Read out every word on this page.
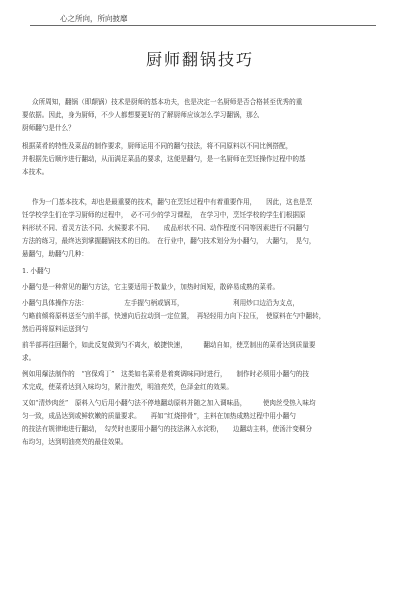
心之所向，所向披靡
厨师翻锅技巧
众所周知，翻锅（即颠锅）技术是厨师的基本功夫，也是决定一名厨师是否合格甚至优秀的重
要依据。因此，身为厨师，不少人都想要更好的了解厨师应该怎么学习翻锅，那么
厨师翻勺是什么？
根据菜肴的特性及菜品的制作要求，厨师运用不同的翻勺技法，将不同原料以不同比例搭配，
并根据先后顺序进行翻动，从而满足菜品的要求，这便是翻勺，是一名厨师在烹饪操作过程中的基
本技术。
作为一门基本技术，却也是最重要的技术，翻勺在烹饪过程中有着重要作用，　　因此，这也是烹
饪学校学生们在学习厨师的过程中，　必不可少的学习课程，　在学习中，烹饪学校的学生们根据原
料形状不同、看灵方法不同、火候要求不同、　　成品形状不同、动作程度不同等因素进行不同翻勺
方法的练习，最终达到掌握翻锅技术的目的。　在行业中，翻勺技术划分为小翻勺，　大翻勺，　晃勺，
悬翻勺，助翻勺几种：
1. 小翻勺
小翻勺是一种常见的翻勺方法，它主要适用于数量少，加热时间短，散碎易成熟的菜肴。
小翻勺具体操作方法：　　　　　　左手握勺柄或锅耳，　　　　　　　　利用炒口边沿为支点，
勺略前倾将原料送至勺前半部，快速向后拉动到一定位置，　再轻轻用力向下拉压，　使原料在勺中翻转，
然后再将原料运送到勺
前半部再往回翻个，如此反复做到勺不离火，敏捷快速，　　　翻动自如，使烹制出的菜肴达到质量要
求。
例如用爆法制作的　“宫保鸡丁”　这类如名菜肴是着爽调味同时进行，　　制作时必须用小翻勺的技
术完成，使菜肴达到入味均匀，紧汁抱芡，明油亮芡，色泽金红的效果。
又如“清炒肉丝”　原料入勺后用小翻勺法不停地翻动原料并随之加入调味品，　　　使肉丝受热入味均
匀一致，成品达到或鲜软嫩的质量要求。　　再如“红烧排骨”，主料在加热成熟过程中用小翻勺
的技法有规律地进行翻动，　勾芡时也要用小翻勺的技法淋入水淀粉，　　边翻动主料，使汤汁变稠分
布均匀，达到明油亮芡的最佳效果。
